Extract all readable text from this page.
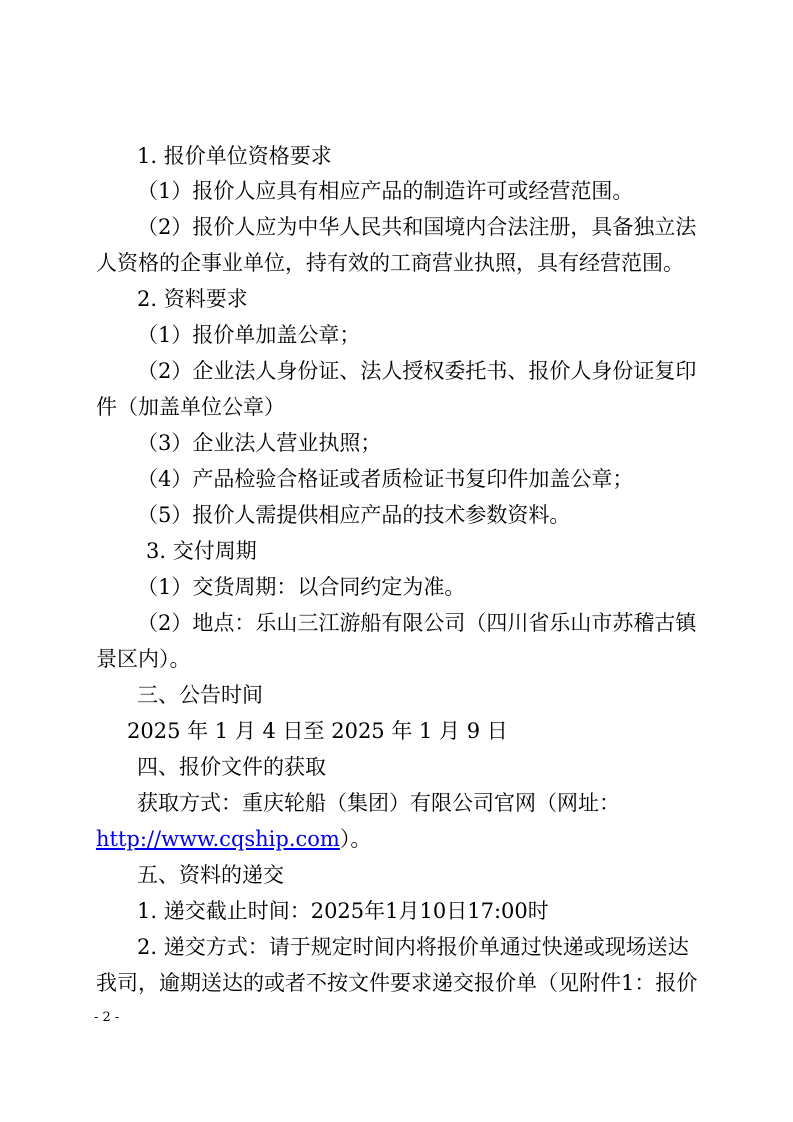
1. 报价单位资格要求
（1）报价人应具有相应产品的制造许可或经营范围。
（2）报价人应为中华人民共和国境内合法注册，具备独立法
人资格的企事业单位，持有效的工商营业执照，具有经营范围。
2. 资料要求
（1）报价单加盖公章；
（2）企业法人身份证、法人授权委托书、报价人身份证复印
件（加盖单位公章）
（3）企业法人营业执照；
（4）产品检验合格证或者质检证书复印件加盖公章；
（5）报价人需提供相应产品的技术参数资料。
3. 交付周期
（1）交货周期：以合同约定为准。
（2）地点：乐山三江游船有限公司（四川省乐山市苏稽古镇
景区内）。
三、公告时间
2025 年 1 月 4 日至 2025 年 1 月 9 日
四、报价文件的获取
获取方式：重庆轮船（集团）有限公司官网（网址：
http://www.cqship.com）。
五、资料的递交
1. 递交截止时间：2025年1月10日17:00时
2. 递交方式：请于规定时间内将报价单通过快递或现场送达
我司，逾期送达的或者不按文件要求递交报价单（见附件1：报价
- 2 -
